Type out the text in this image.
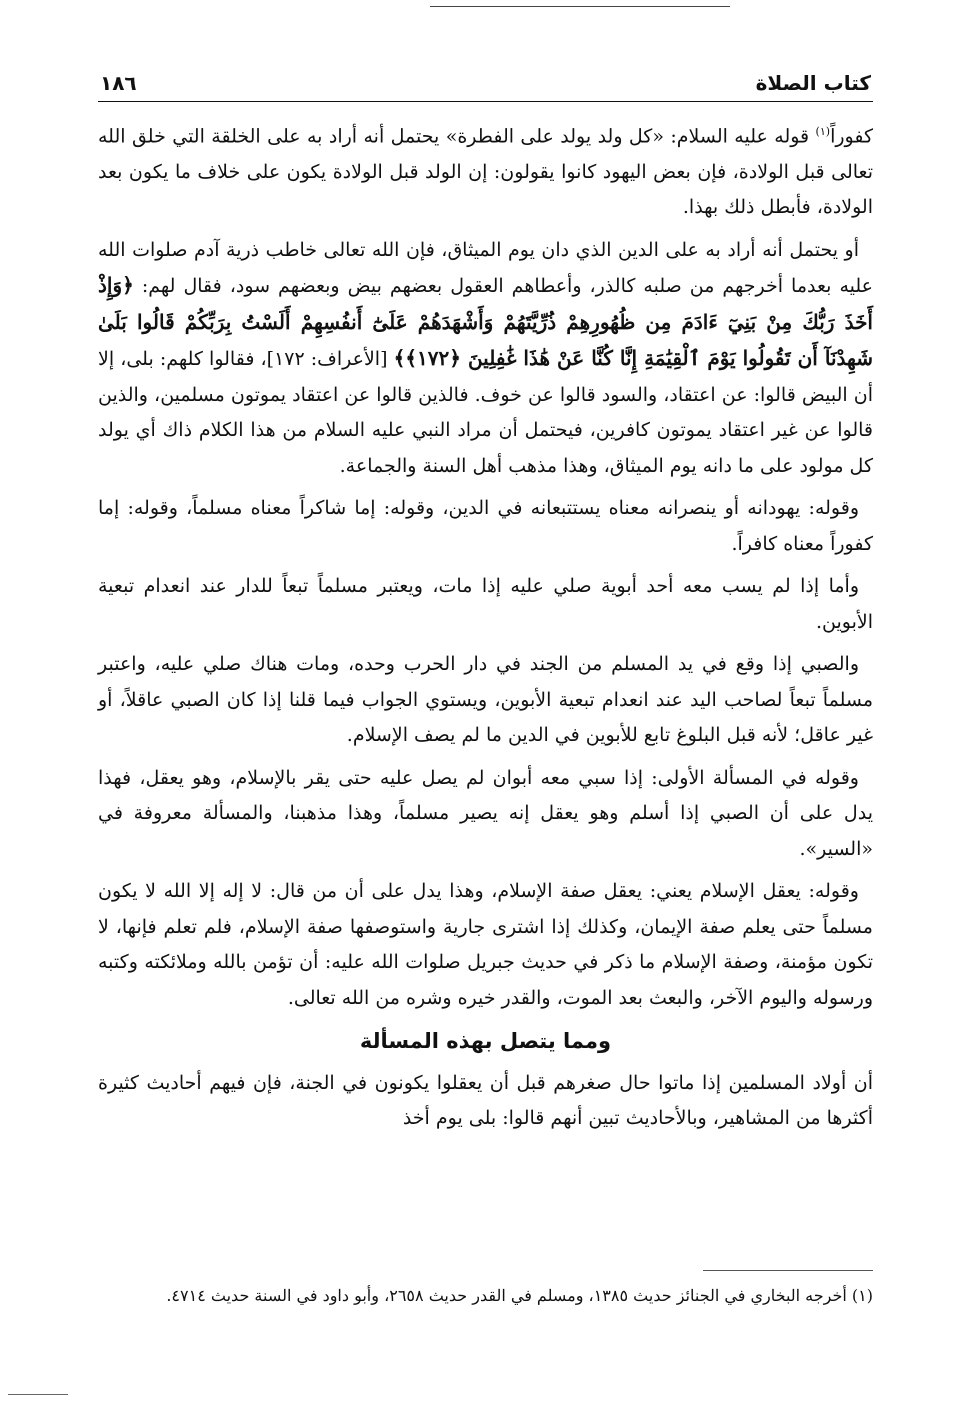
كتاب الصلاة
١٨٦

كفوراً$^{(١)}$ قوله عليه السلام: «كل ولد يولد على الفطرة» يحتمل أنه أراد به على الخلقة التي خلق الله تعالى قبل الولادة، فإن بعض اليهود كانوا يقولون: إن الولد قبل الولادة يكون على خلاف ما يكون بعد الولادة، فأبطل ذلك بهذا.

أو يحتمل أنه أراد به على الدين الذي دان يوم الميثاق، فإن الله تعالى خاطب ذرية آدم صلوات الله عليه بعدما أخرجهم من صلبه كالذر، وأعطاهم العقول بعضهم بيض وبعضهم سود، فقال لهم: ﴿وَإِذْ أَخَذَ رَبُّكَ مِنْ بَنِيٓ ءَادَمَ مِن ظُهُورِهِمْ ذُرِّيَّتَهُمْ وَأَشْهَدَهُمْ عَلَىٰٓ أَنفُسِهِمْ أَلَسْتُ بِرَبِّكُمْ قَالُوا بَلَىٰ شَهِدْنَآ أَن تَقُولُوا يَوْمَ ٱلْقِيَٰمَةِ إِنَّا كُنَّا عَنْ هَٰذَا غَٰفِلِينَ ﴿١٧٢﴾﴾ [الأعراف: ١٧٢]، فقالوا كلهم: بلى، إلا أن البيض قالوا: عن اعتقاد، والسود قالوا عن خوف. فالذين قالوا عن اعتقاد يموتون مسلمين، والذين قالوا عن غير اعتقاد يموتون كافرين، فيحتمل أن مراد النبي عليه السلام من هذا الكلام ذاك أي يولد كل مولود على ما دانه يوم الميثاق، وهذا مذهب أهل السنة والجماعة.

وقوله: يهودانه أو ينصرانه معناه يستتبعانه في الدين، وقوله: إما شاكراً معناه مسلماً، وقوله: إما كفوراً معناه كافراً.

وأما إذا لم يسب معه أحد أبوية صلي عليه إذا مات، ويعتبر مسلماً تبعاً للدار عند انعدام تبعية الأبوين.

والصبي إذا وقع في يد المسلم من الجند في دار الحرب وحده، ومات هناك صلي عليه، واعتبر مسلماً تبعاً لصاحب اليد عند انعدام تبعية الأبوين، ويستوي الجواب فيما قلنا إذا كان الصبي عاقلاً، أو غير عاقل؛ لأنه قبل البلوغ تابع للأبوين في الدين ما لم يصف الإسلام.

وقوله في المسألة الأولى: إذا سبي معه أبوان لم يصل عليه حتى يقر بالإسلام، وهو يعقل، فهذا يدل على أن الصبي إذا أسلم وهو يعقل إنه يصير مسلماً، وهذا مذهبنا، والمسألة معروفة في «السير».

وقوله: يعقل الإسلام يعني: يعقل صفة الإسلام، وهذا يدل على أن من قال: لا إله إلا الله لا يكون مسلماً حتى يعلم صفة الإيمان، وكذلك إذا اشترى جارية واستوصفها صفة الإسلام، فلم تعلم فإنها، لا تكون مؤمنة، وصفة الإسلام ما ذكر في حديث جبريل صلوات الله عليه: أن تؤمن بالله وملائكته وكتبه ورسوله واليوم الآخر، والبعث بعد الموت، والقدر خيره وشره من الله تعالى.

ومما يتصل بهذه المسألة

أن أولاد المسلمين إذا ماتوا حال صغرهم قبل أن يعقلوا يكونون في الجنة، فإن فيهم أحاديث كثيرة أكثرها من المشاهير، وبالأحاديث تبين أنهم قالوا: بلى يوم أخذ

(١) أخرجه البخاري في الجنائز حديث ١٣٨٥، ومسلم في القدر حديث ٢٦٥٨، وأبو داود في السنة حديث ٤٧١٤.
